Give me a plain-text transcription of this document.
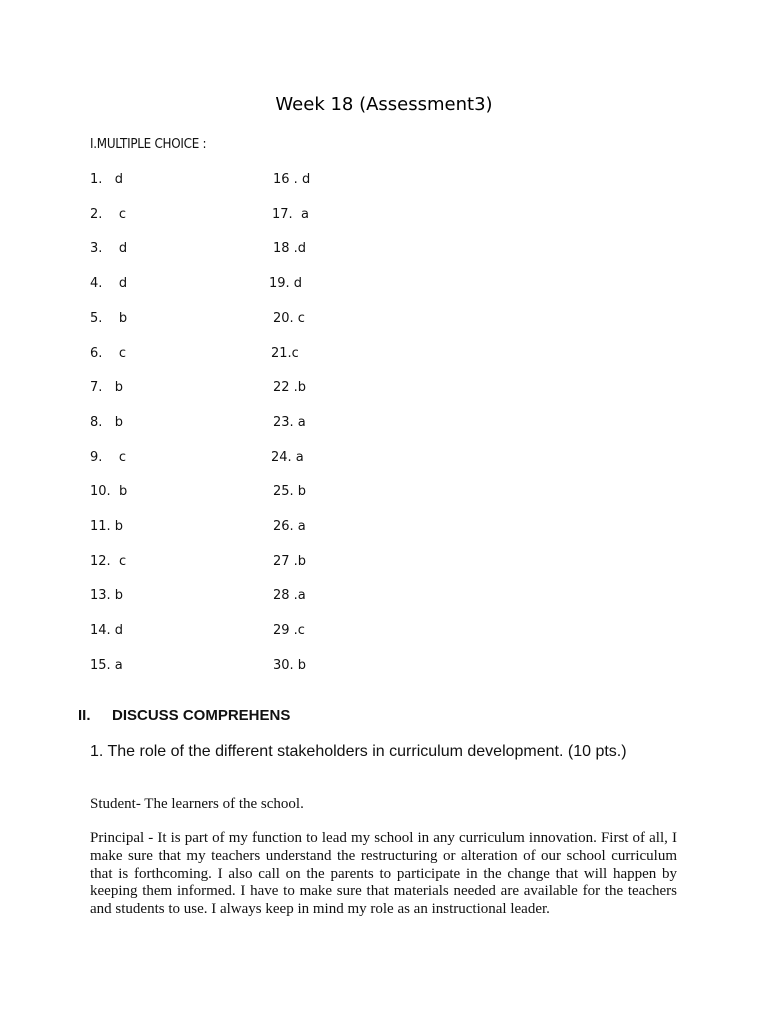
Week 18 (Assessment3)
I.MULTIPLE CHOICE :
1.   d	16 . d
2.    c	17.  a
3.    d	18 .d
4.    d	19. d
5.    b	20. c
6.    c	21.c
7.   b	22 .b
8.   b	23. a
9.    c	24. a
10.  b	25. b
11. b	26. a
12.  c	27 .b
13. b	28 .a
14. d	29 .c
15. a	30. b
II. DISCUSS COMPREHENS
1. The role of the different stakeholders in curriculum development. (10 pts.)
Student- The learners of the school.
Principal - It is part of my function to lead my school in any curriculum innovation. First of all, I make sure that my teachers understand the restructuring or alteration of our school curriculum that is forthcoming. I also call on the parents to participate in the change that will happen by keeping them informed. I have to make sure that materials needed are available for the teachers and students to use. I always keep in mind my role as an instructional leader.
